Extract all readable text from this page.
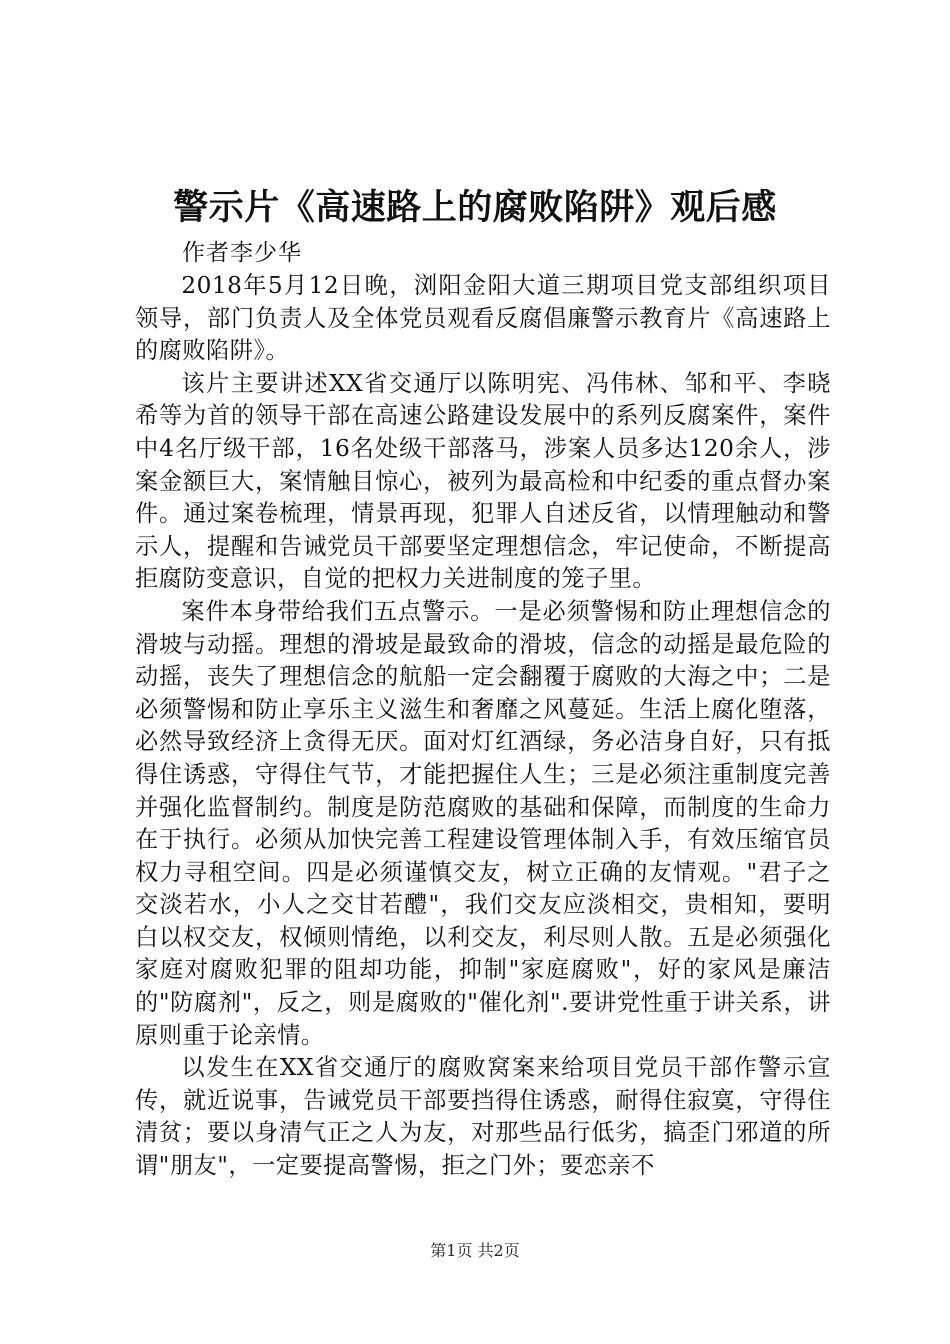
警示片《高速路上的腐败陷阱》观后感

作者李少华

2018年5月12日晚，浏阳金阳大道三期项目党支部组织项目领导，部门负责人及全体党员观看反腐倡廉警示教育片《高速路上的腐败陷阱》。

该片主要讲述XX省交通厅以陈明宪、冯伟林、邹和平、李晓希等为首的领导干部在高速公路建设发展中的系列反腐案件，案件中4名厅级干部，16名处级干部落马，涉案人员多达120余人，涉案金额巨大，案情触目惊心，被列为最高检和中纪委的重点督办案件。通过案卷梳理，情景再现，犯罪人自述反省，以情理触动和警示人，提醒和告诫党员干部要坚定理想信念，牢记使命，不断提高拒腐防变意识，自觉的把权力关进制度的笼子里。

案件本身带给我们五点警示。一是必须警惕和防止理想信念的滑坡与动摇。理想的滑坡是最致命的滑坡，信念的动摇是最危险的动摇，丧失了理想信念的航船一定会翻覆于腐败的大海之中；二是必须警惕和防止享乐主义滋生和奢靡之风蔓延。生活上腐化堕落，必然导致经济上贪得无厌。面对灯红酒绿，务必洁身自好，只有抵得住诱惑，守得住气节，才能把握住人生；三是必须注重制度完善并强化监督制约。制度是防范腐败的基础和保障，而制度的生命力在于执行。必须从加快完善工程建设管理体制入手，有效压缩官员权力寻租空间。四是必须谨慎交友，树立正确的友情观。"君子之交淡若水，小人之交甘若醴"，我们交友应淡相交，贵相知，要明白以权交友，权倾则情绝，以利交友，利尽则人散。五是必须强化家庭对腐败犯罪的阻却功能，抑制"家庭腐败"，好的家风是廉洁的"防腐剂"，反之，则是腐败的"催化剂".要讲党性重于讲关系，讲原则重于论亲情。

以发生在XX省交通厅的腐败窝案来给项目党员干部作警示宣传，就近说事，告诫党员干部要挡得住诱惑，耐得住寂寞，守得住清贫；要以身清气正之人为友，对那些品行低劣，搞歪门邪道的所谓"朋友"，一定要提高警惕，拒之门外；要恋亲不

第1页 共2页
